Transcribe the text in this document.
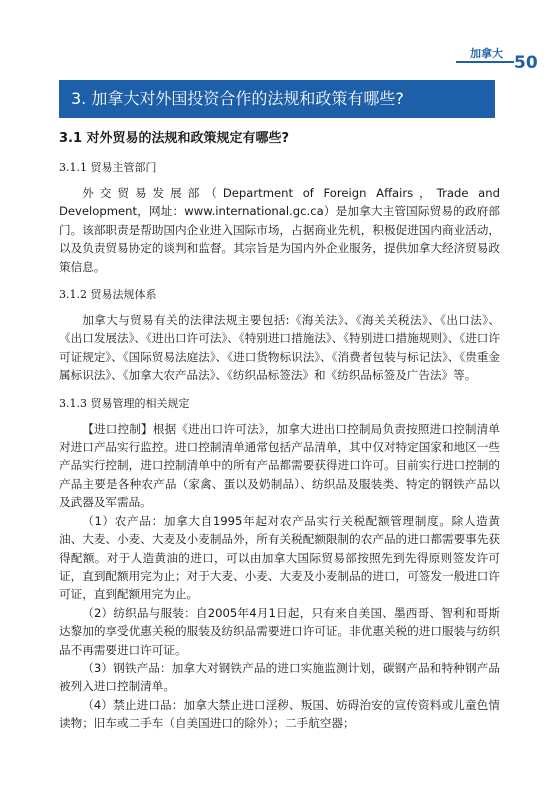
加拿大 50
3. 加拿大对外国投资合作的法规和政策有哪些?
3.1 对外贸易的法规和政策规定有哪些?
3.1.1 贸易主管部门

外交贸易发展部（Department of Foreign Affairs，Trade and Development，网址：www.international.gc.ca）是加拿大主管国际贸易的政府部门。该部职责是帮助国内企业进入国际市场，占据商业先机，积极促进国内商业活动，以及负责贸易协定的谈判和监督。其宗旨是为国内外企业服务，提供加拿大经济贸易政策信息。

3.1.2 贸易法规体系

加拿大与贸易有关的法律法规主要包括:《海关法》、《海关关税法》、《出口法》、《出口发展法》、《进出口许可法》、《特别进口措施法》、《特别进口措施规则》、《进口许可证规定》、《国际贸易法庭法》、《进口货物标识法》、《消费者包装与标记法》、《贵重金属标识法》、《加拿大农产品法》、《纺织品标签法》和《纺织品标签及广告法》等。

3.1.3 贸易管理的相关规定

【进口控制】根据《进出口许可法》，加拿大进出口控制局负责按照进口控制清单对进口产品实行监控。进口控制清单通常包括产品清单，其中仅对特定国家和地区一些产品实行控制，进口控制清单中的所有产品都需要获得进口许可。目前实行进口控制的产品主要是各种农产品（家禽、蛋以及奶制品）、纺织品及服装类、特定的钢铁产品以及武器及军需品。

（1）农产品：加拿大自1995年起对农产品实行关税配额管理制度。除人造黄油、大麦、小麦、大麦及小麦制品外，所有关税配额限制的农产品的进口都需要事先获得配额。对于人造黄油的进口，可以由加拿大国际贸易部按照先到先得原则签发许可证，直到配额用完为止；对于大麦、小麦、大麦及小麦制品的进口，可签发一般进口许可证，直到配额用完为止。

（2）纺织品与服装：自2005年4月1日起，只有来自美国、墨西哥、智利和哥斯达黎加的享受优惠关税的服装及纺织品需要进口许可证。非优惠关税的进口服装与纺织品不再需要进口许可证。

（3）钢铁产品：加拿大对钢铁产品的进口实施监测计划，碳钢产品和特种钢产品被列入进口控制清单。

（4）禁止进口品：加拿大禁止进口淫秽、叛国、妨碍治安的宣传资料或儿童色情读物；旧车或二手车（自美国进口的除外）；二手航空器；
